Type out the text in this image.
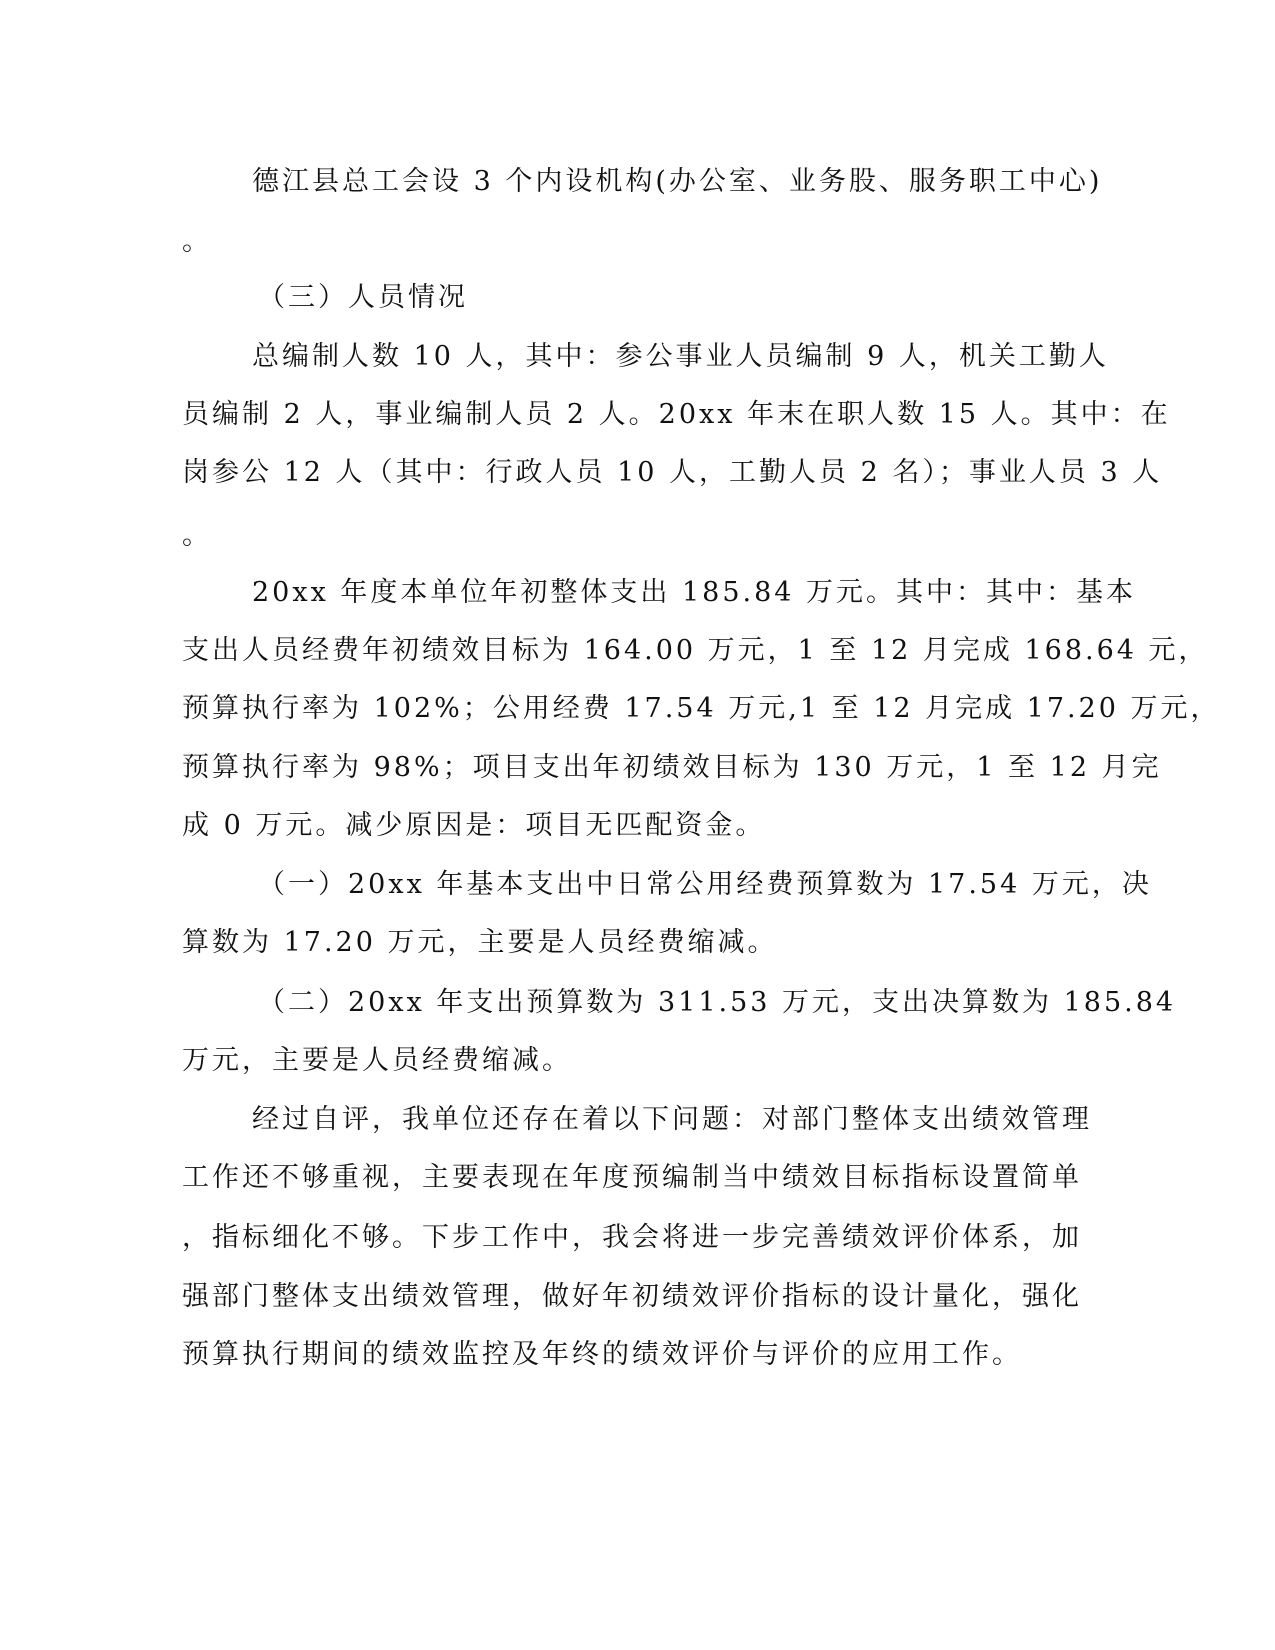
德江县总工会设 3 个内设机构(办公室、业务股、服务职工中心)
。
（三）人员情况
总编制人数 10 人，其中：参公事业人员编制 9 人，机关工勤人
员编制 2 人，事业编制人员 2 人。20xx 年末在职人数 15 人。其中：在
岗参公 12 人（其中：行政人员 10 人，工勤人员 2 名）；事业人员 3 人
。
20xx 年度本单位年初整体支出 185.84 万元。其中：其中：基本
支出人员经费年初绩效目标为 164.00 万元，1 至 12 月完成 168.64 元，
预算执行率为 102%；公用经费 17.54 万元,1 至 12 月完成 17.20 万元，
预算执行率为 98%；项目支出年初绩效目标为 130 万元，1 至 12 月完
成 0 万元。减少原因是：项目无匹配资金。
（一）20xx 年基本支出中日常公用经费预算数为 17.54 万元，决
算数为 17.20 万元，主要是人员经费缩减。
（二）20xx 年支出预算数为 311.53 万元，支出决算数为 185.84
万元，主要是人员经费缩减。
经过自评，我单位还存在着以下问题：对部门整体支出绩效管理
工作还不够重视，主要表现在年度预编制当中绩效目标指标设置简单
，指标细化不够。下步工作中，我会将进一步完善绩效评价体系，加
强部门整体支出绩效管理，做好年初绩效评价指标的设计量化，强化
预算执行期间的绩效监控及年终的绩效评价与评价的应用工作。
